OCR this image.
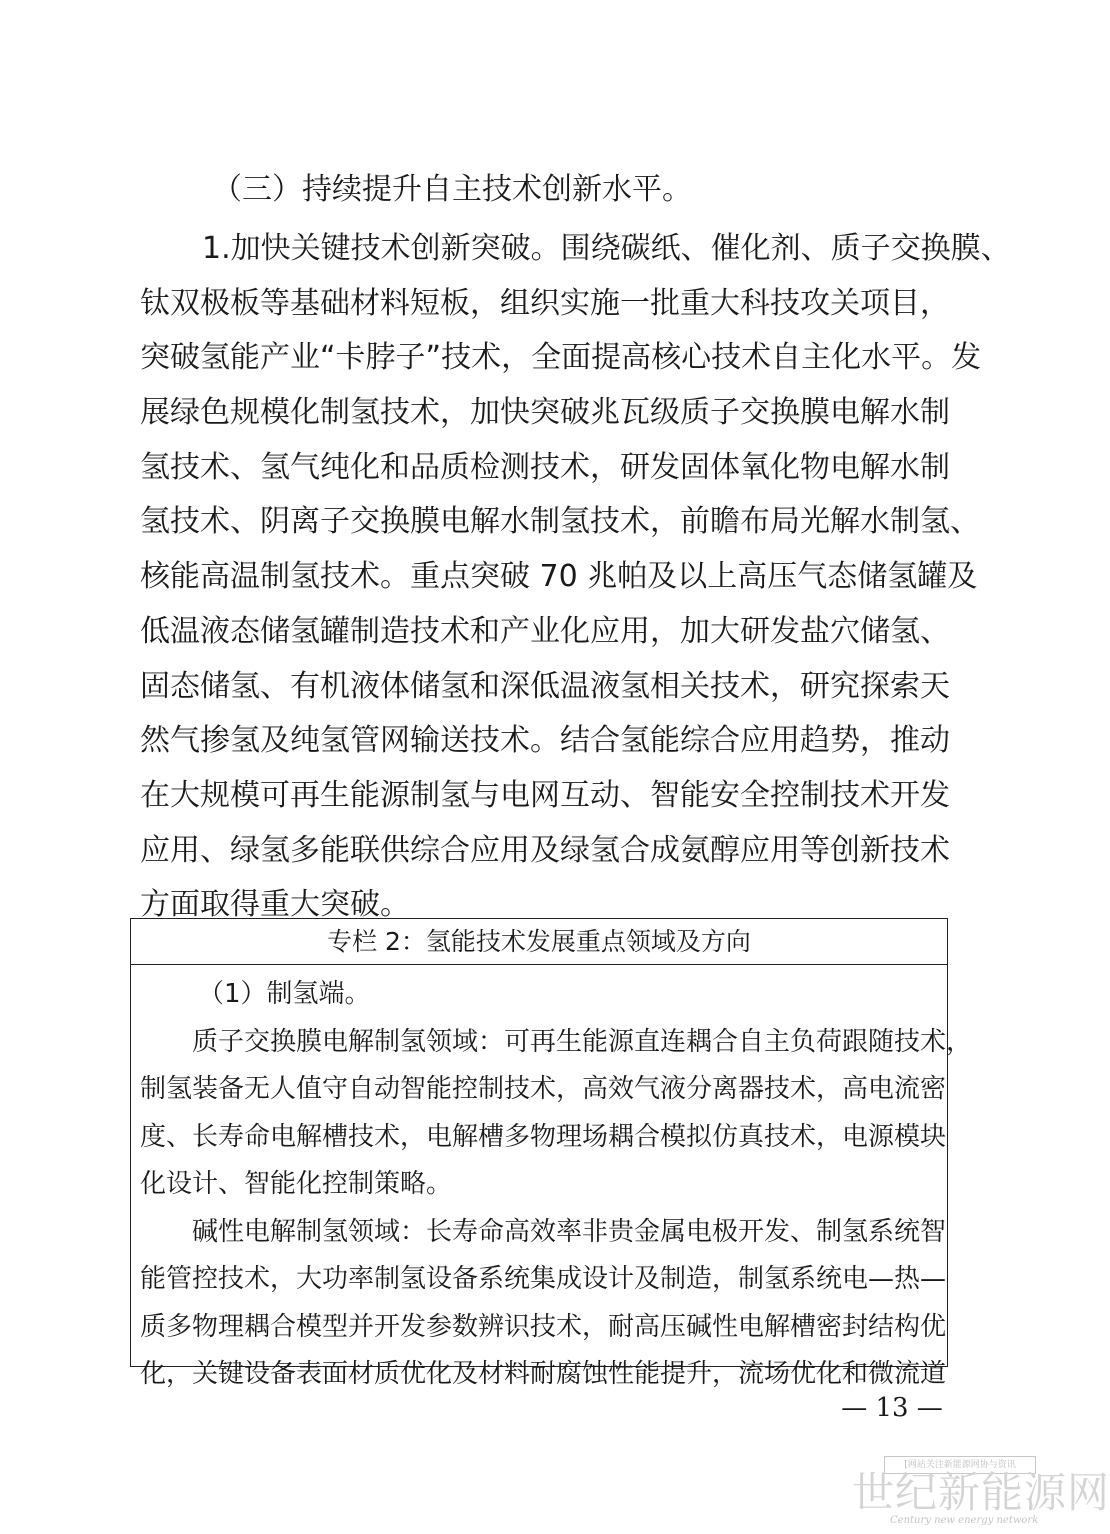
（三）持续提升自主技术创新水平。
1.加快关键技术创新突破。围绕碳纸、催化剂、质子交换膜、
钛双极板等基础材料短板，组织实施一批重大科技攻关项目，
突破氢能产业“卡脖子”技术，全面提高核心技术自主化水平。发
展绿色规模化制氢技术，加快突破兆瓦级质子交换膜电解水制
氢技术、氢气纯化和品质检测技术，研发固体氧化物电解水制
氢技术、阴离子交换膜电解水制氢技术，前瞻布局光解水制氢、
核能高温制氢技术。重点突破 70 兆帕及以上高压气态储氢罐及
低温液态储氢罐制造技术和产业化应用，加大研发盐穴储氢、
固态储氢、有机液体储氢和深低温液氢相关技术，研究探索天
然气掺氢及纯氢管网输送技术。结合氢能综合应用趋势，推动
在大规模可再生能源制氢与电网互动、智能安全控制技术开发
应用、绿氢多能联供综合应用及绿氢合成氨醇应用等创新技术
方面取得重大突破。
专栏 2：氢能技术发展重点领域及方向
（1）制氢端。
质子交换膜电解制氢领域：可再生能源直连耦合自主负荷跟随技术，
制氢装备无人值守自动智能控制技术，高效气液分离器技术，高电流密
度、长寿命电解槽技术，电解槽多物理场耦合模拟仿真技术，电源模块
化设计、智能化控制策略。
碱性电解制氢领域：长寿命高效率非贵金属电极开发、制氢系统智
能管控技术，大功率制氢设备系统集成设计及制造，制氢系统电—热—
质多物理耦合模型并开发参数辨识技术，耐高压碱性电解槽密封结构优
化，关键设备表面材质优化及材料耐腐蚀性能提升，流场优化和微流道
— 13 —
[网站关注新能源网协与资讯
世纪新能源网
Century new energy network
